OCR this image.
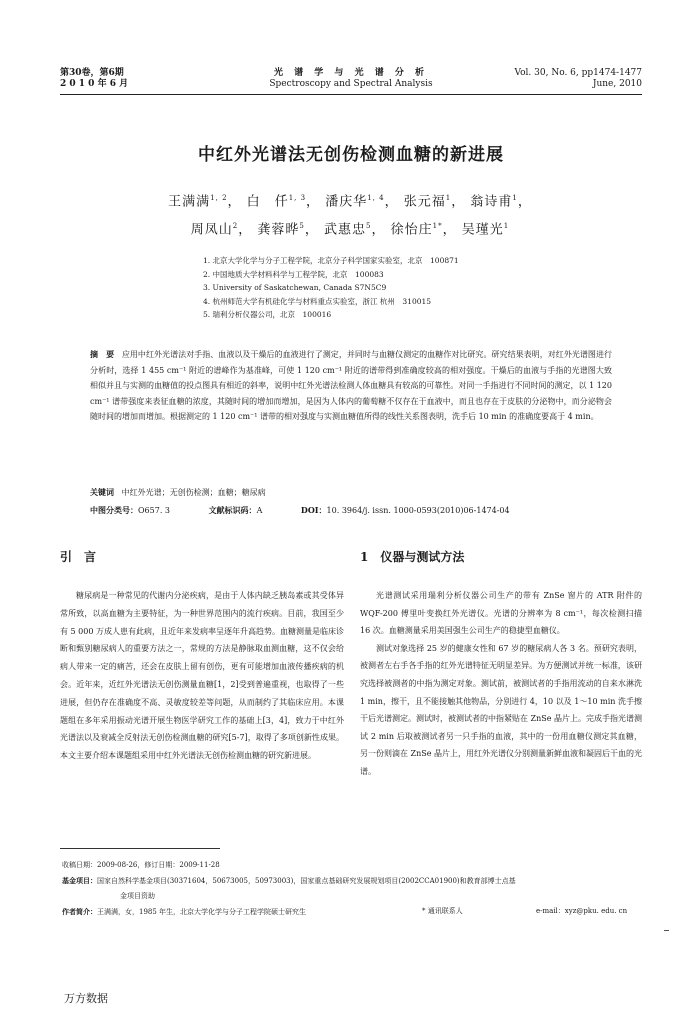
第30卷，第6期
2 0 1 0 年 6 月
光 谱 学 与 光 谱 分 析
Spectroscopy and Spectral Analysis
Vol. 30, No. 6, pp1474-1477
June, 2010
中红外光谱法无创伤检测血糖的新进展
王满满$^{1, 2}$， 白　仟$^{1, 3}$， 潘庆华$^{1, 4}$， 张元福$^1$， 翁诗甫$^1$，
周凤山$^2$， 龚蓉晔$^5$， 武惠忠$^5$， 徐怡庄$^{1*}$， 吴瑾光$^1$
1. 北京大学化学与分子工程学院，北京分子科学国家实验室，北京　100871
2. 中国地质大学材料科学与工程学院，北京　100083
3. University of Saskatchewan, Canada S7N5C9
4. 杭州师范大学有机硅化学与材料重点实验室，浙江 杭州　310015
5. 瑞利分析仪器公司，北京　100016
摘　要 应用中红外光谱法对手指、血液以及干燥后的血液进行了测定，并同时与血糖仪测定的血糖作对比研究。研究结果表明，对红外光谱图进行分析时，选择 1 455 cm⁻¹ 附近的谱峰作为基准峰，可使 1 120 cm⁻¹ 附近的谱带得到准确度较高的相对强度。干燥后的血液与手指的光谱图大致相似并且与实测的血糖值的投点图具有相近的斜率，说明中红外光谱法检测人体血糖具有较高的可靠性。对同一手指进行不同时间的测定，以 1 120 cm⁻¹ 谱带强度来表征血糖的浓度，其随时间的增加而增加，是因为人体内的葡萄糖不仅存在于血液中，而且也存在于皮肤的分泌物中，而分泌物会随时间的增加而增加。根据测定的 1 120 cm⁻¹ 谱带的相对强度与实测血糖值所得的线性关系图表明，洗手后 10 min 的准确度要高于 4 min。
关键词 中红外光谱；无创伤检测；血糖；糖尿病
中图分类号：O657. 3	文献标识码：A	DOI：10. 3964/j. issn. 1000-0593(2010)06-1474-04
引　言

糖尿病是一种常见的代谢内分泌疾病，是由于人体内缺乏胰岛素或其受体异常所致，以高血糖为主要特征，为一种世界范围内的流行疾病。目前，我国至少有 5 000 万成人患有此病，且近年来发病率呈逐年升高趋势。血糖测量是临床诊断和甄别糖尿病人的重要方法之一，常规的方法是静脉取血测血糖，这不仅会给病人带来一定的痛苦，还会在皮肤上留有创伤，更有可能增加血液传播疾病的机会。近年来，近红外光谱法无创伤测量血糖[1，2]受到普遍重视，也取得了一些进展，但仍存在准确度不高、灵敏度较差等问题，从而制约了其临床应用。本课题组在多年采用振动光谱开展生物医学研究工作的基础上[3，4]，致力于中红外光谱法以及衰减全反射法无创伤检测血糖的研究[5-7]，取得了多项创新性成果。本文主要介绍本课题组采用中红外光谱法无创伤检测血糖的研究新进展。

1　仪器与测试方法

光谱测试采用瑞利分析仪器公司生产的带有 ZnSe 窗片的 ATR 附件的 WQF-200 傅里叶变换红外光谱仪。光谱的分辨率为 8 cm⁻¹，每次检测扫描 16 次。血糖测量采用美国强生公司生产的稳捷型血糖仪。

测试对象选择 25 岁的健康女性和 67 岁的糖尿病人各 3 名。预研究表明，被测者左右手各手指的红外光谱特征无明显差异。为方便测试并统一标准，该研究选择被测者的中指为测定对象。测试前，被测试者的手指用流动的自来水淋洗 1 min，擦干，且不能接触其他物品，分别进行 4，10 以及 1～10 min 洗手擦干后光谱测定。测试时，被测试者的中指紧贴在 ZnSe 晶片上。完成手指光谱测试 2 min 后取被测试者另一只手指的血液，其中的一份用血糖仪测定其血糖，另一份则滴在 ZnSe 晶片上，用红外光谱仪分别测量新鲜血液和凝固后干血的光谱。

收稿日期：2009-08-26，修订日期：2009-11-28
基金项目：国家自然科学基金项目(30371604，50673005，50973003)，国家重点基础研究发展规划项目(2002CCA01900)和教育部博士点基
金项目资助
作者简介：王满满，女，1985 年生，北京大学化学与分子工程学院硕士研究生	* 通讯联系人	e-mail：xyz@pku. edu. cn
万方数据
